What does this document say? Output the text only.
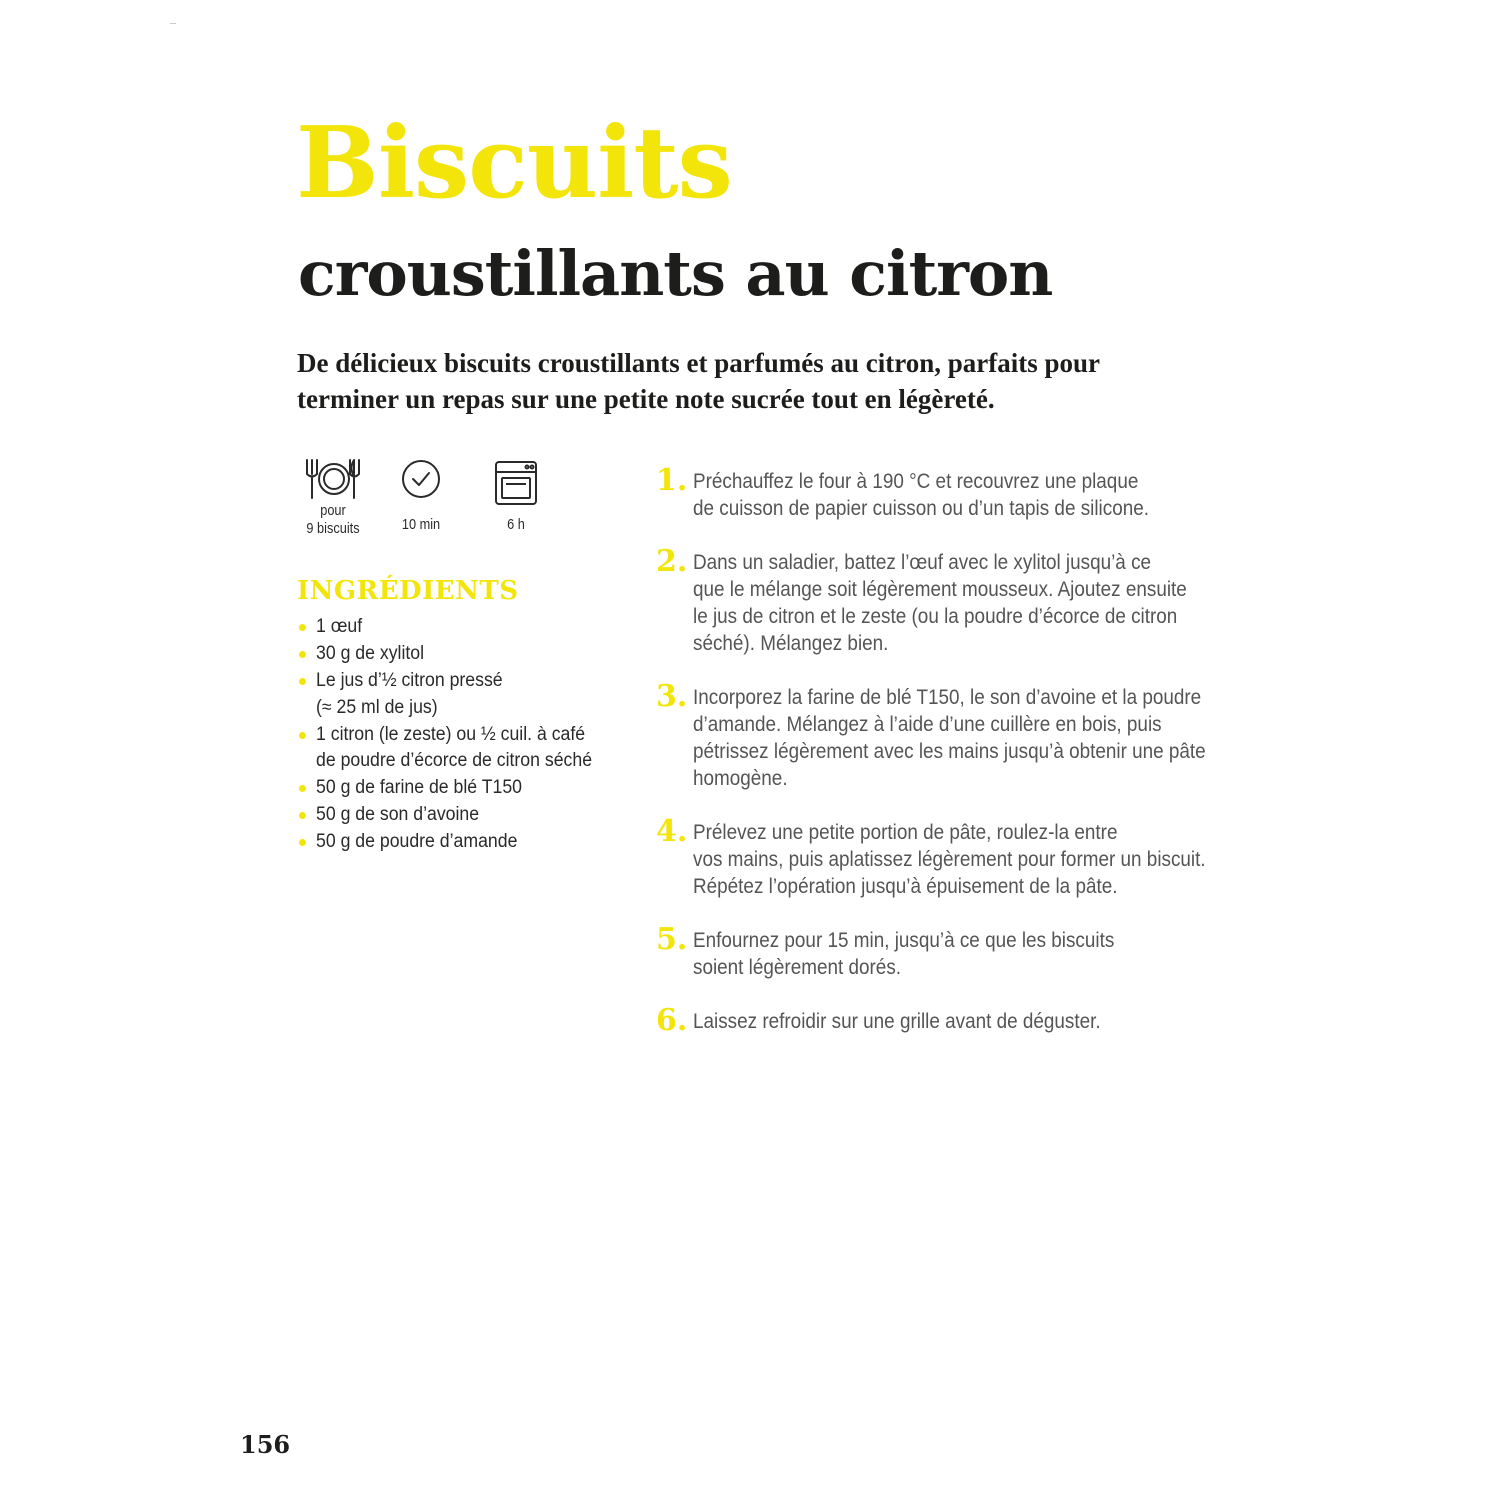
Biscuits
croustillants au citron

De délicieux biscuits croustillants et parfumés au citron, parfaits pour terminer un repas sur une petite note sucrée tout en légèreté.

pour
9 biscuits	10 min	6 h
INGRÉDIENTS
1 œuf
30 g de xylitol
Le jus d’½ citron pressé
(≈ 25 ml de jus)
1 citron (le zeste) ou ½ cuil. à café
de poudre d’écorce de citron séché
50 g de farine de blé T150
50 g de son d’avoine
50 g de poudre d’amande
1. Préchauffez le four à 190 °C et recouvrez une plaque
de cuisson de papier cuisson ou d’un tapis de silicone.
2. Dans un saladier, battez l’œuf avec le xylitol jusqu’à ce
que le mélange soit légèrement mousseux. Ajoutez ensuite
le jus de citron et le zeste (ou la poudre d’écorce de citron
séché). Mélangez bien.
3. Incorporez la farine de blé T150, le son d’avoine et la poudre
d’amande. Mélangez à l’aide d’une cuillère en bois, puis
pétrissez légèrement avec les mains jusqu’à obtenir une pâte
homogène.
4. Prélevez une petite portion de pâte, roulez-la entre
vos mains, puis aplatissez légèrement pour former un biscuit.
Répétez l’opération jusqu’à épuisement de la pâte.
5. Enfournez pour 15 min, jusqu’à ce que les biscuits
soient légèrement dorés.
6. Laissez refroidir sur une grille avant de déguster.

156
